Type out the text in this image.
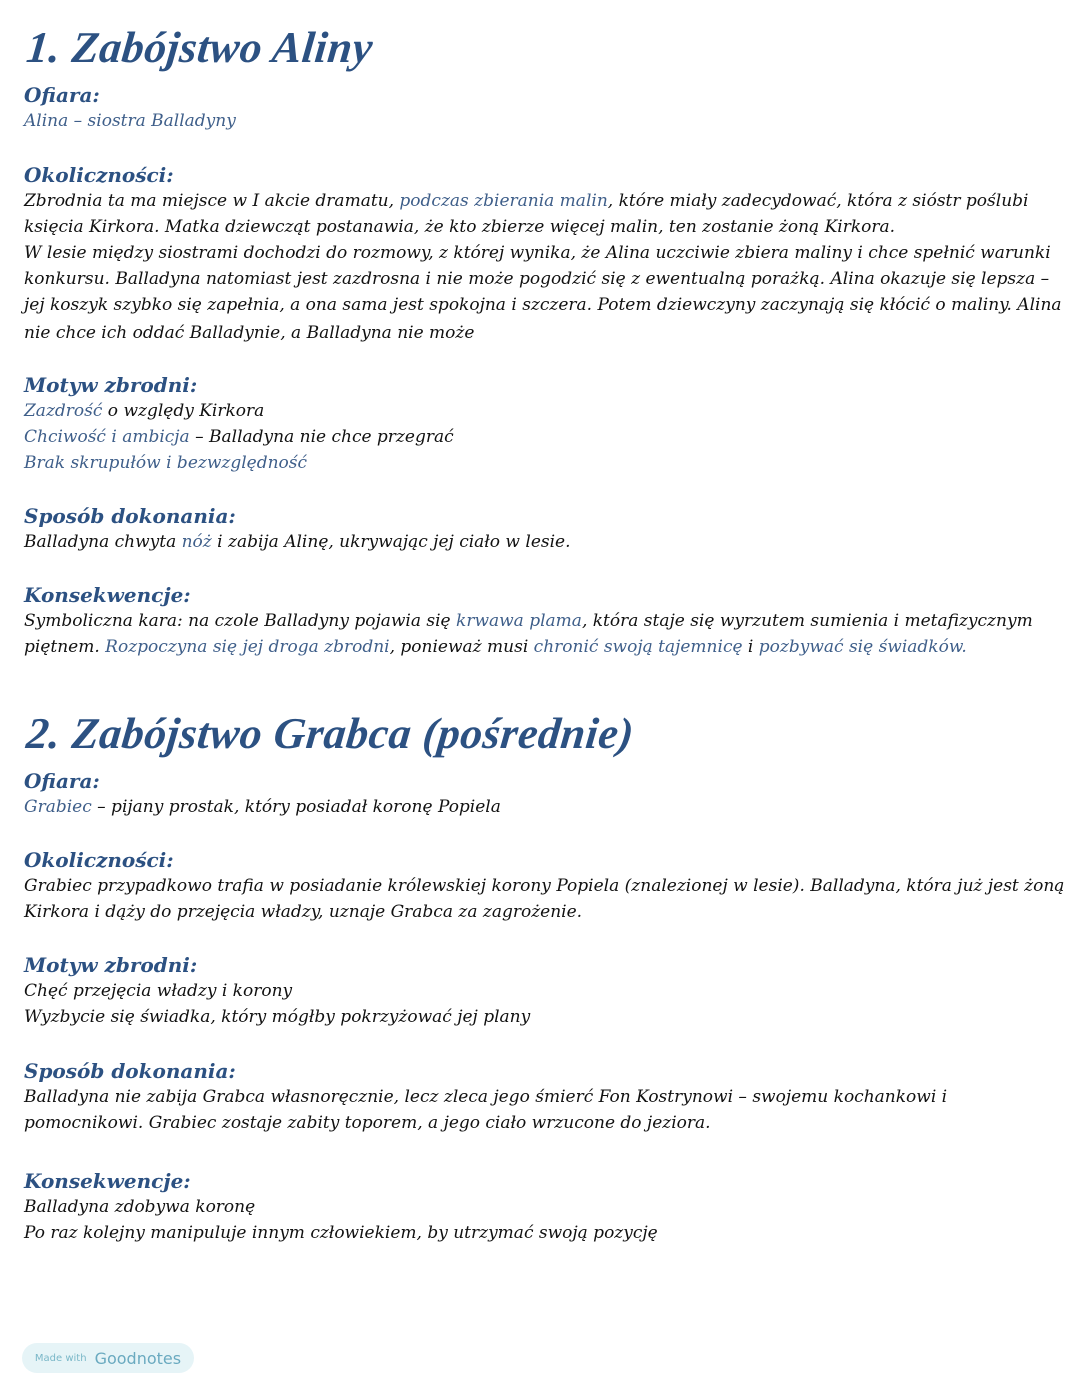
1. Zabójstwo Aliny

Ofiara:

Alina – siostra Balladyny

Okoliczności:

Zbrodnia ta ma miejsce w I akcie dramatu, podczas zbierania malin, które miały zadecydować, która z sióstr poślubi

księcia Kirkora. Matka dziewcząt postanawia, że kto zbierze więcej malin, ten zostanie żoną Kirkora.

W lesie między siostrami dochodzi do rozmowy, z której wynika, że Alina uczciwie zbiera maliny i chce spełnić warunki

konkursu. Balladyna natomiast jest zazdrosna i nie może pogodzić się z ewentualną porażką. Alina okazuje się lepsza –

jej koszyk szybko się zapełnia, a ona sama jest spokojna i szczera. Potem dziewczyny zaczynają się kłócić o maliny. Alina

nie chce ich oddać Balladynie, a Balladyna nie może

Motyw zbrodni:

Zazdrość o względy Kirkora

Chciwość i ambicja – Balladyna nie chce przegrać

Brak skrupułów i bezwzględność

Sposób dokonania:

Balladyna chwyta nóż i zabija Alinę, ukrywając jej ciało w lesie.

Konsekwencje:

Symboliczna kara: na czole Balladyny pojawia się krwawa plama, która staje się wyrzutem sumienia i metafizycznym

piętnem. Rozpoczyna się jej droga zbrodni, ponieważ musi chronić swoją tajemnicę i pozbywać się świadków.

2. Zabójstwo Grabca (pośrednie)

Ofiara:

Grabiec – pijany prostak, który posiadał koronę Popiela

Okoliczności:

Grabiec przypadkowo trafia w posiadanie królewskiej korony Popiela (znalezionej w lesie). Balladyna, która już jest żoną

Kirkora i dąży do przejęcia władzy, uznaje Grabca za zagrożenie.

Motyw zbrodni:

Chęć przejęcia władzy i korony

Wyzbycie się świadka, który mógłby pokrzyżować jej plany

Sposób dokonania:

Balladyna nie zabija Grabca własnoręcznie, lecz zleca jego śmierć Fon Kostrynowi – swojemu kochankowi i

pomocnikowi. Grabiec zostaje zabity toporem, a jego ciało wrzucone do jeziora.

Konsekwencje:

Balladyna zdobywa koronę

Po raz kolejny manipuluje innym człowiekiem, by utrzymać swoją pozycję

Made with Goodnotes
